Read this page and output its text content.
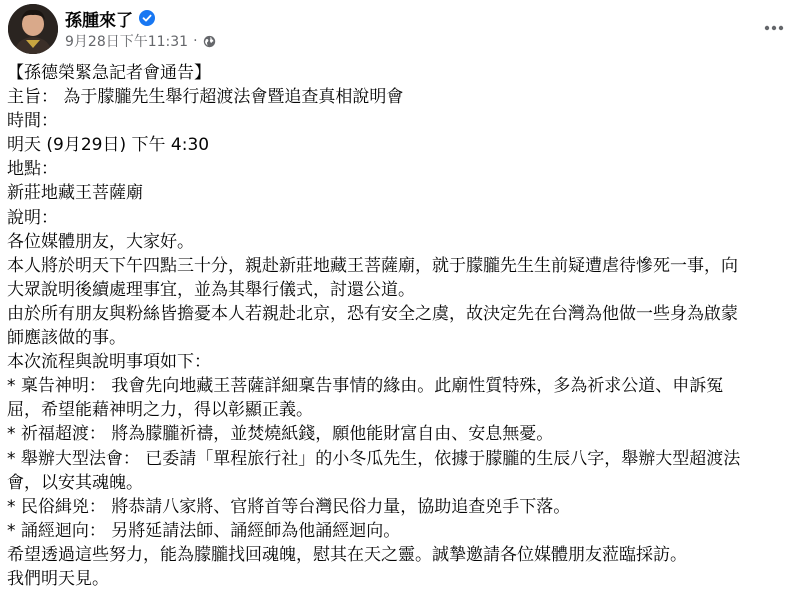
孫腫來了
9月28日下午11:31 ·
【孫德榮緊急記者會通告】
主旨： 為于朦朧先生舉行超渡法會暨追查真相說明會
時間：
明天 (9月29日) 下午 4:30
地點：
新莊地藏王菩薩廟
說明：
各位媒體朋友，大家好。
本人將於明天下午四點三十分，親赴新莊地藏王菩薩廟，就于朦朧先生生前疑遭虐待慘死一事，向
大眾說明後續處理事宜，並為其舉行儀式，討還公道。
由於所有朋友與粉絲皆擔憂本人若親赴北京，恐有安全之虞，故決定先在台灣為他做一些身為啟蒙
師應該做的事。
本次流程與說明事項如下：
* 稟告神明： 我會先向地藏王菩薩詳細稟告事情的緣由。此廟性質特殊，多為祈求公道、申訴冤
屈，希望能藉神明之力，得以彰顯正義。
* 祈福超渡： 將為朦朧祈禱，並焚燒紙錢，願他能財富自由、安息無憂。
* 舉辦大型法會： 已委請「單程旅行社」的小冬瓜先生，依據于朦朧的生辰八字，舉辦大型超渡法
會，以安其魂魄。
* 民俗緝兇： 將恭請八家將、官將首等台灣民俗力量，協助追查兇手下落。
* 誦經迴向： 另將延請法師、誦經師為他誦經迴向。
希望透過這些努力，能為朦朧找回魂魄，慰其在天之靈。誠摯邀請各位媒體朋友蒞臨採訪。
我們明天見。
